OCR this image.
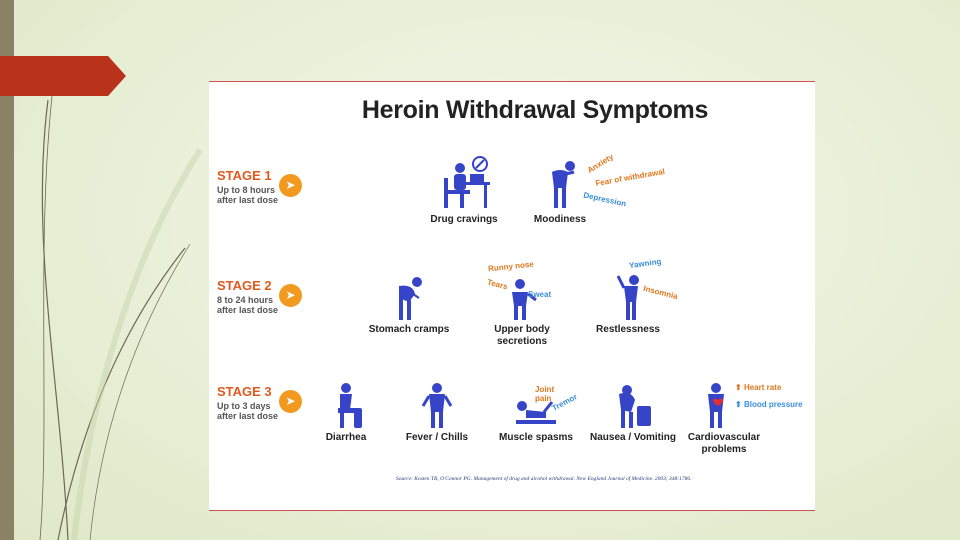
Heroin Withdrawal Symptoms
STAGE 1
Up to 8 hours
after last dose
➤
STAGE 2
8 to 24 hours
after last dose
➤
STAGE 3
Up to 3 days
after last dose
➤
Drug cravings	Moodiness
Anxiety
Fear of withdrawal
Depression
Stomach cramps	Upper body
secretions
Runny nose
Tears
Sweat
Restlessness
Yawning
Insomnia
Diarrhea	Fever / Chills	Muscle spasms
Joint
pain Tremor
Nausea / Vomiting	Cardiovascular
problems
⬆ Heart rate
⬆ Blood pressure
Source: Kosten TR, O'Connor PG. Management of drug and alcohol withdrawal. New England Journal of Medicine. 2003; 348:1786.
